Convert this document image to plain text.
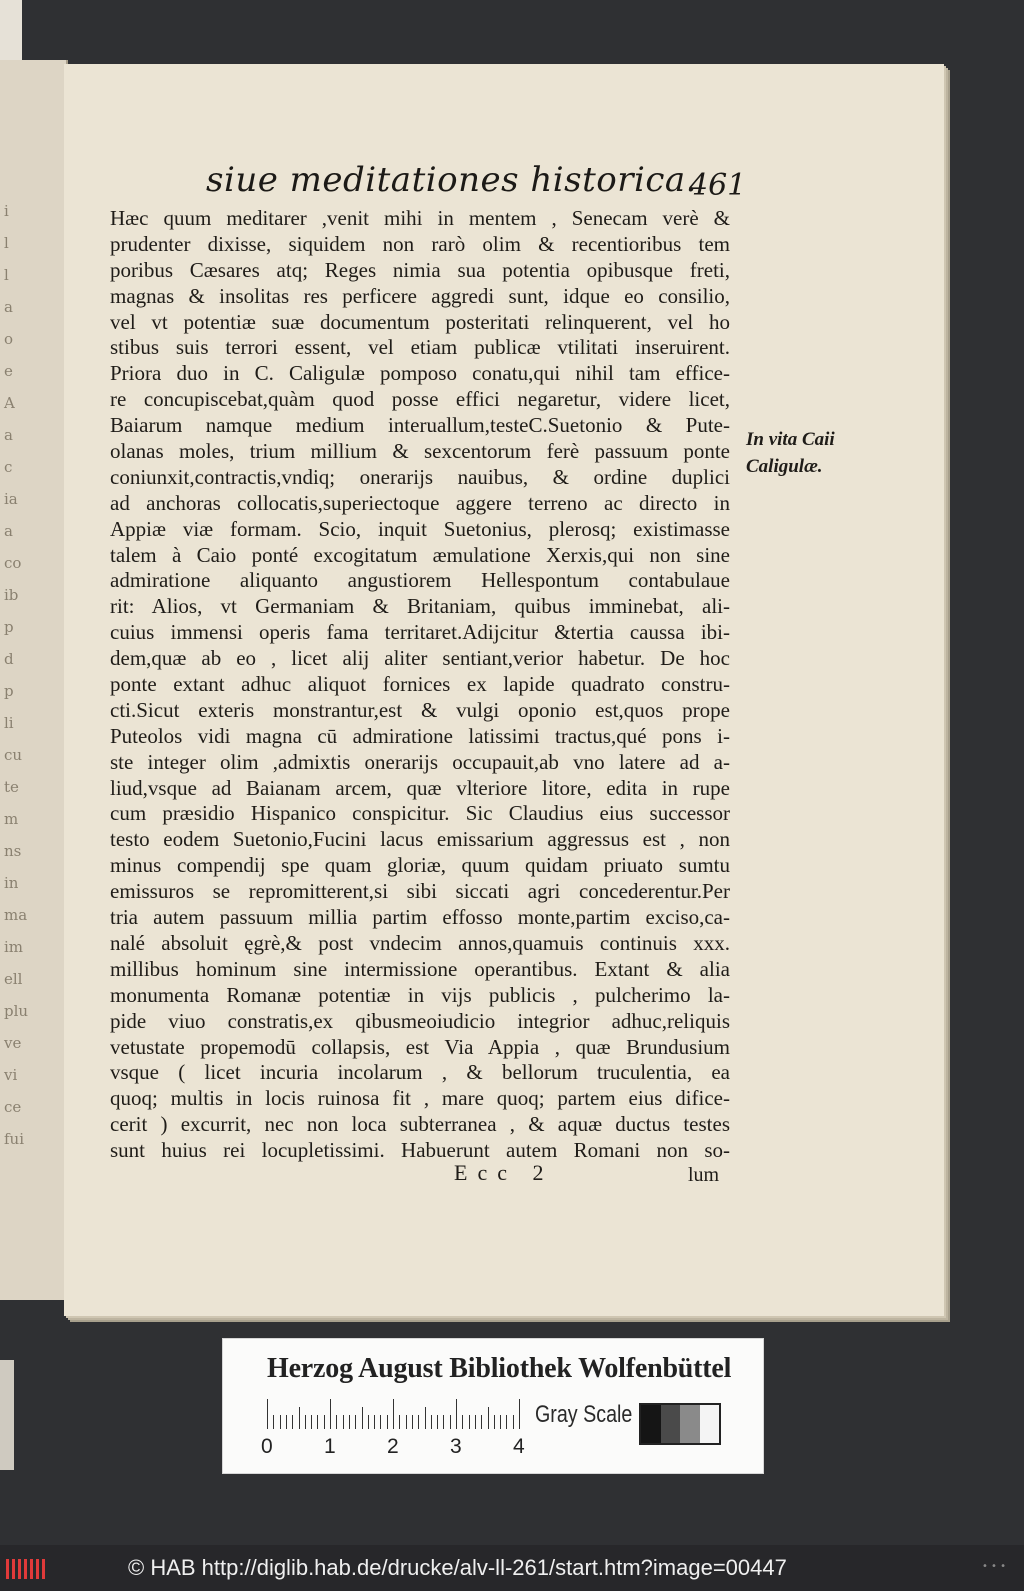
i
l
l
a
o
e
A
a
c
ia
a
co
ib
p
d
p
li
cu
te
m
ns
in
ma
im
ell
plu
ve
vi
ce
fui
siue meditationes historica.
461
Hæc quum meditarer ,venit mihi in mentem , Senecam verè &
prudenter dixisse, siquidem non rarò olim & recentioribus tem
poribus Cæsares atq; Reges nimia sua potentia opibusque freti,
magnas & insolitas res perficere aggredi sunt, idque eo consilio,
vel vt potentiæ suæ documentum posteritati relinquerent, vel ho
stibus suis terrori essent, vel etiam publicæ vtilitati inseruirent.
Priora duo in C. Caligulæ pomposo conatu,qui nihil tam effice-
re concupiscebat,quàm quod posse effici negaretur, videre licet,
Baiarum namque medium interuallum,testeC.Suetonio & Pute-
olanas moles, trium millium & sexcentorum ferè passuum ponte
coniunxit,contractis,vndiq; onerarijs nauibus, & ordine duplici
ad anchoras collocatis,superiectoque aggere terreno ac directo in
Appiæ viæ formam. Scio, inquit Suetonius, plerosq; existimasse
talem à Caio ponté excogitatum æmulatione Xerxis,qui non sine
admiratione aliquanto angustiorem Hellespontum contabulaue
rit: Alios, vt Germaniam & Britaniam, quibus imminebat, ali-
cuius immensi operis fama territaret.Adijcitur &tertia caussa ibi-
dem,quæ ab eo , licet alij aliter sentiant,verior habetur. De hoc
ponte extant adhuc aliquot fornices ex lapide quadrato constru-
cti.Sicut exteris monstrantur,est & vulgi oponio est,quos prope
Puteolos vidi magna cū admiratione latissimi tractus,qué pons i-
ste integer olim ,admixtis onerarijs occupauit,ab vno latere ad a-
liud,vsque ad Baianam arcem, quæ vlteriore litore, edita in rupe
cum præsidio Hispanico conspicitur. Sic Claudius eius successor
testo eodem Suetonio,Fucini lacus emissarium aggressus est , non
minus compendij spe quam gloriæ, quum quidam priuato sumtu
emissuros se repromitterent,si sibi siccati agri concederentur.Per
tria autem passuum millia partim effosso monte,partim exciso,ca-
nalé absoluit ęgrè,& post vndecim annos,quamuis continuis xxx.
millibus hominum sine intermissione operantibus. Extant & alia
monumenta Romanæ potentiæ in vijs publicis , pulcherimo la-
pide viuo constratis,ex qibusmeoiudicio integrior adhuc,reliquis
vetustate propemodū collapsis, est Via Appia , quæ Brundusium
vsque ( licet incuria incolarum , & bellorum truculentia, ea
quoq; multis in locis ruinosa fit , mare quoq; partem eius difice-
cerit ) excurrit, nec non loca subterranea , & aquæ ductus testes
sunt huius rei locupletissimi. Habuerunt autem Romani non so-
In vita Caii
Caligulæ.
Ecc 2	lum
Herzog August Bibliothek Wolfenbüttel
0 1 2 3 4
Gray Scale
© HAB http://diglib.hab.de/drucke/alv-ll-261/start.htm?image=00447	• • •
